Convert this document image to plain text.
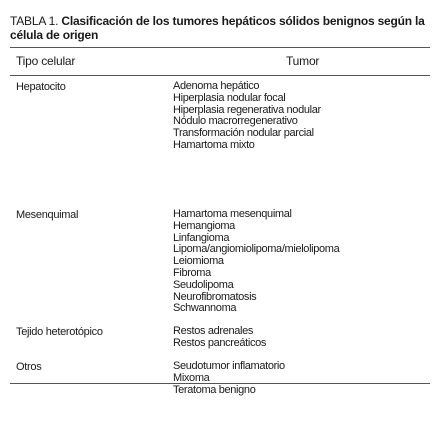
TABLA 1. Clasificación de los tumores hepáticos sólidos benignos según la célula de origen
Tipo celular	Tumor
Hepatocito	Adenoma hepático
Hiperplasia nodular focal
Hiperplasia regenerativa nodular
Nódulo macrorregenerativo
Transformación nodular parcial
Hamartoma mixto
Mesenquimal	Hamartoma mesenquimal
Hemangioma
Linfangioma
Lipoma/angiomiolipoma/mielolipoma
Leiomioma
Fibroma
Seudolipoma
Neurofibromatosis
Schwannoma
Tejido heterotópico	Restos adrenales
Restos pancreáticos
Otros	Seudotumor inflamatorio
Mixoma
Teratoma benigno
